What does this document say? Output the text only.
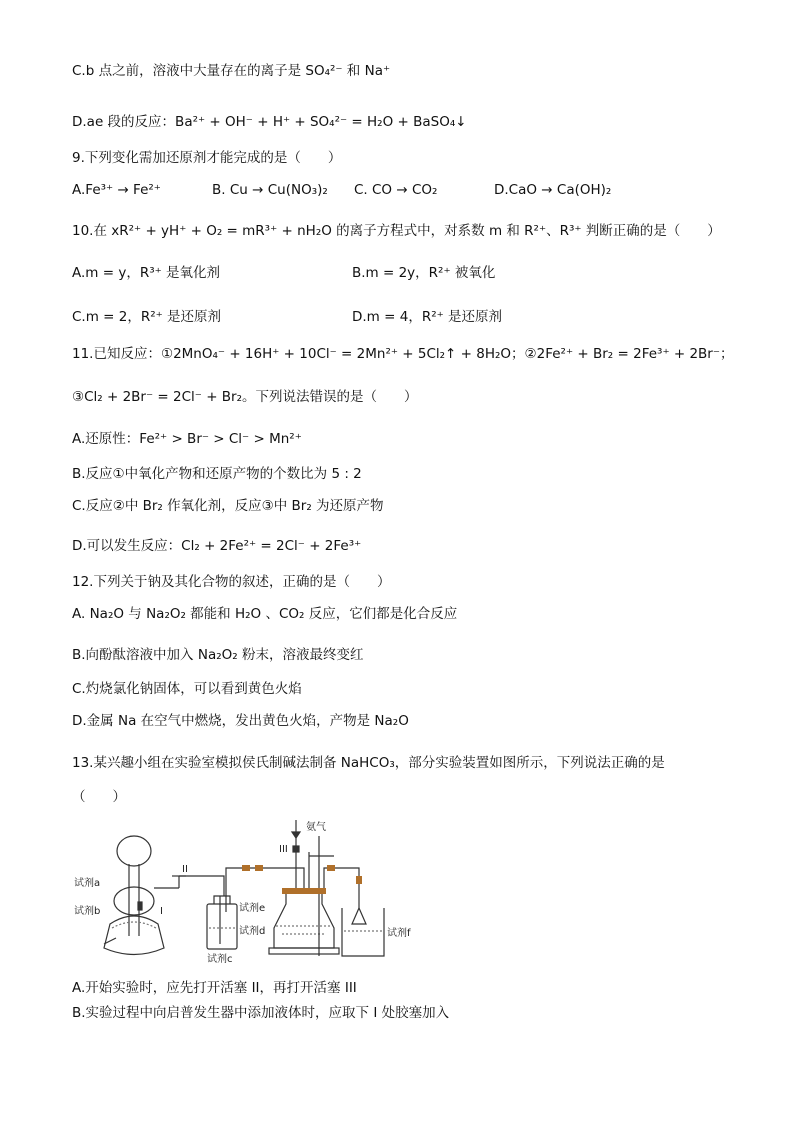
C.b 点之前，溶液中大量存在的离子是 SO₄²⁻ 和 Na⁺
D.ae 段的反应：Ba²⁺ + OH⁻ + H⁺ + SO₄²⁻ = H₂O + BaSO₄↓
9.下列变化需加还原剂才能完成的是（　　）
A.Fe³⁺ → Fe²⁺	B. Cu → Cu(NO₃)₂ C. CO → CO₂	D.CaO → Ca(OH)₂
10.在 xR²⁺ + yH⁺ + O₂ = mR³⁺ + nH₂O 的离子方程式中，对系数 m 和 R²⁺、R³⁺ 判断正确的是（　　）
A.m = y，R³⁺ 是氧化剂	B.m = 2y，R²⁺ 被氧化
C.m = 2，R²⁺ 是还原剂	D.m = 4，R²⁺ 是还原剂
11.已知反应：①2MnO₄⁻ + 16H⁺ + 10Cl⁻ = 2Mn²⁺ + 5Cl₂↑ + 8H₂O；②2Fe²⁺ + Br₂ = 2Fe³⁺ + 2Br⁻；
③Cl₂ + 2Br⁻ = 2Cl⁻ + Br₂。下列说法错误的是（　　）
A.还原性：Fe²⁺ > Br⁻ > Cl⁻ > Mn²⁺
B.反应①中氧化产物和还原产物的个数比为 5 : 2
C.反应②中 Br₂ 作氧化剂，反应③中 Br₂ 为还原产物
D.可以发生反应：Cl₂ + 2Fe²⁺ = 2Cl⁻ + 2Fe³⁺
12.下列关于钠及其化合物的叙述，正确的是（　　）
A. Na₂O 与 Na₂O₂ 都能和 H₂O 、CO₂ 反应，它们都是化合反应
B.向酚酞溶液中加入 Na₂O₂ 粉末，溶液最终变红
C.灼烧氯化钠固体，可以看到黄色火焰
D.金属 Na 在空气中燃烧，发出黄色火焰，产物是 Na₂O
13.某兴趣小组在实验室模拟侯氏制碱法制备 NaHCO₃，部分实验装置如图所示，下列说法正确的是
（　　）
氨气
III
II
I
试剂a
试剂b
试剂c
试剂d
试剂e
试剂f
A.开始实验时，应先打开活塞 II，再打开活塞 III
B.实验过程中向启普发生器中添加液体时，应取下 I 处胶塞加入
